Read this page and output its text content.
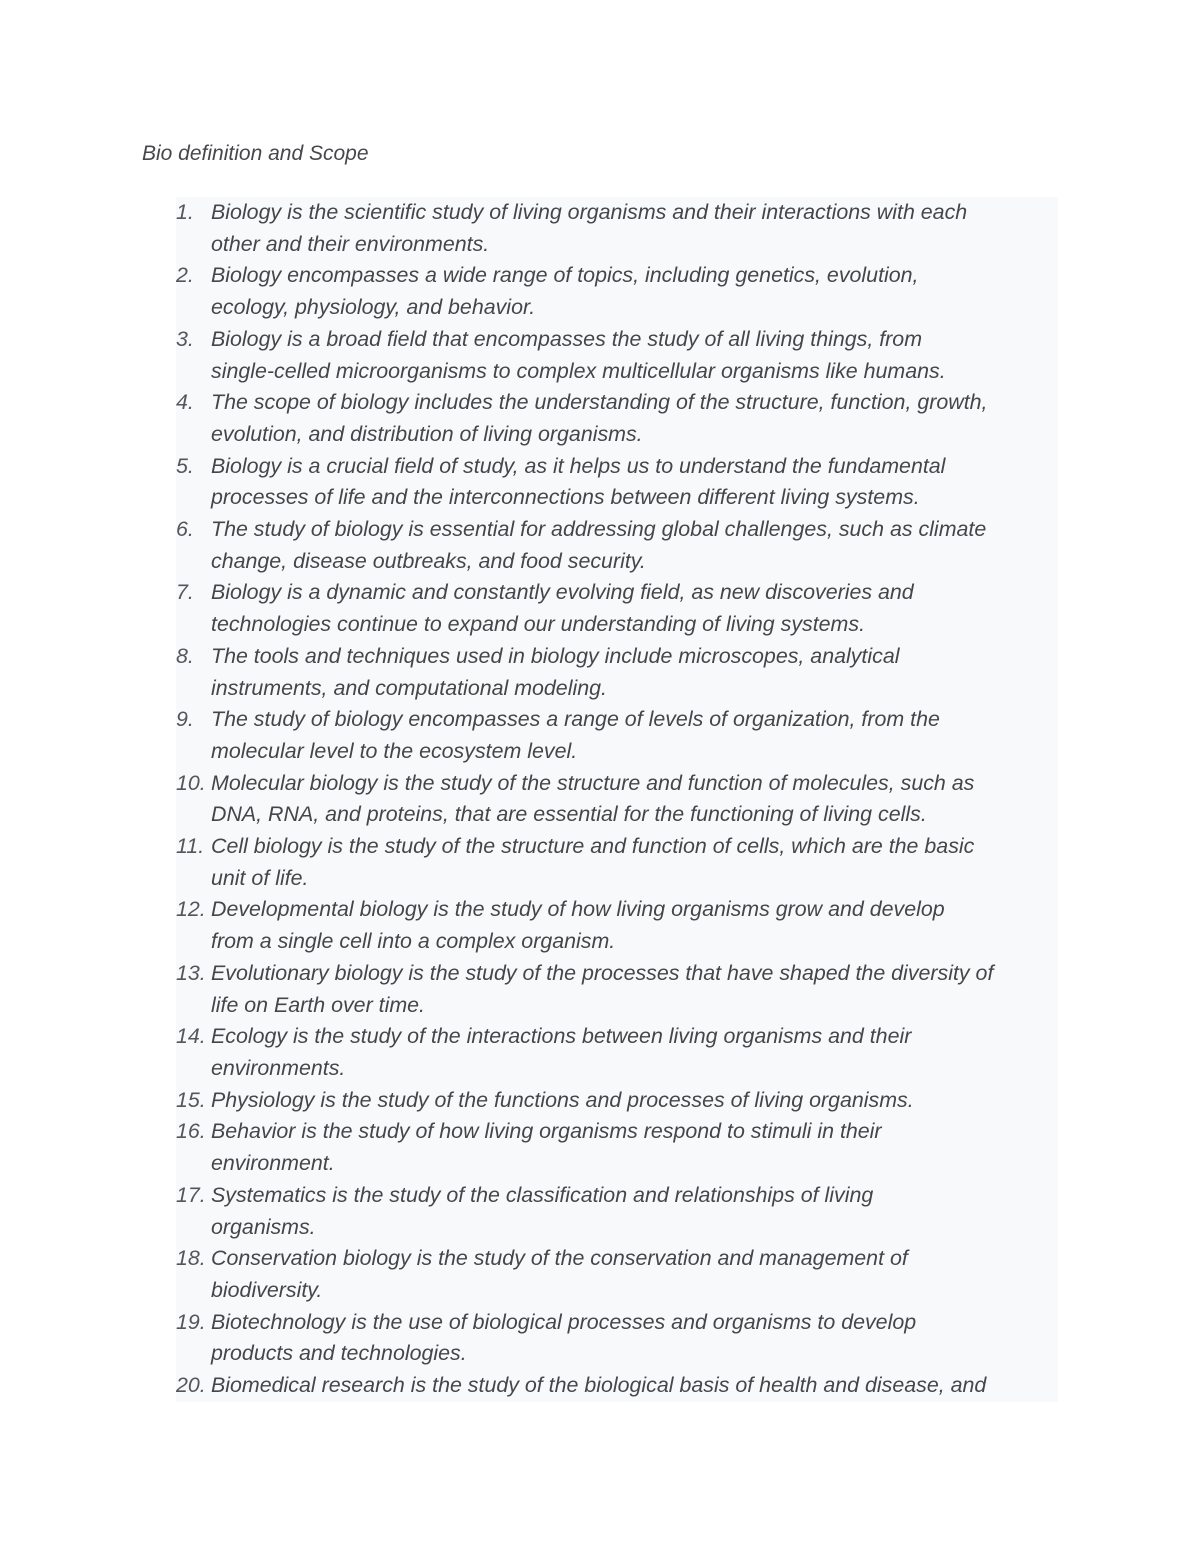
Bio definition and Scope
1. Biology is the scientific study of living organisms and their interactions with each
other and their environments.
2. Biology encompasses a wide range of topics, including genetics, evolution,
ecology, physiology, and behavior.
3. Biology is a broad field that encompasses the study of all living things, from
single-celled microorganisms to complex multicellular organisms like humans.
4. The scope of biology includes the understanding of the structure, function, growth,
evolution, and distribution of living organisms.
5. Biology is a crucial field of study, as it helps us to understand the fundamental
processes of life and the interconnections between different living systems.
6. The study of biology is essential for addressing global challenges, such as climate
change, disease outbreaks, and food security.
7. Biology is a dynamic and constantly evolving field, as new discoveries and
technologies continue to expand our understanding of living systems.
8. The tools and techniques used in biology include microscopes, analytical
instruments, and computational modeling.
9. The study of biology encompasses a range of levels of organization, from the
molecular level to the ecosystem level.
10. Molecular biology is the study of the structure and function of molecules, such as
DNA, RNA, and proteins, that are essential for the functioning of living cells.
11. Cell biology is the study of the structure and function of cells, which are the basic
unit of life.
12. Developmental biology is the study of how living organisms grow and develop
from a single cell into a complex organism.
13. Evolutionary biology is the study of the processes that have shaped the diversity of
life on Earth over time.
14. Ecology is the study of the interactions between living organisms and their
environments.
15. Physiology is the study of the functions and processes of living organisms.
16. Behavior is the study of how living organisms respond to stimuli in their
environment.
17. Systematics is the study of the classification and relationships of living
organisms.
18. Conservation biology is the study of the conservation and management of
biodiversity.
19. Biotechnology is the use of biological processes and organisms to develop
products and technologies.
20. Biomedical research is the study of the biological basis of health and disease, and
